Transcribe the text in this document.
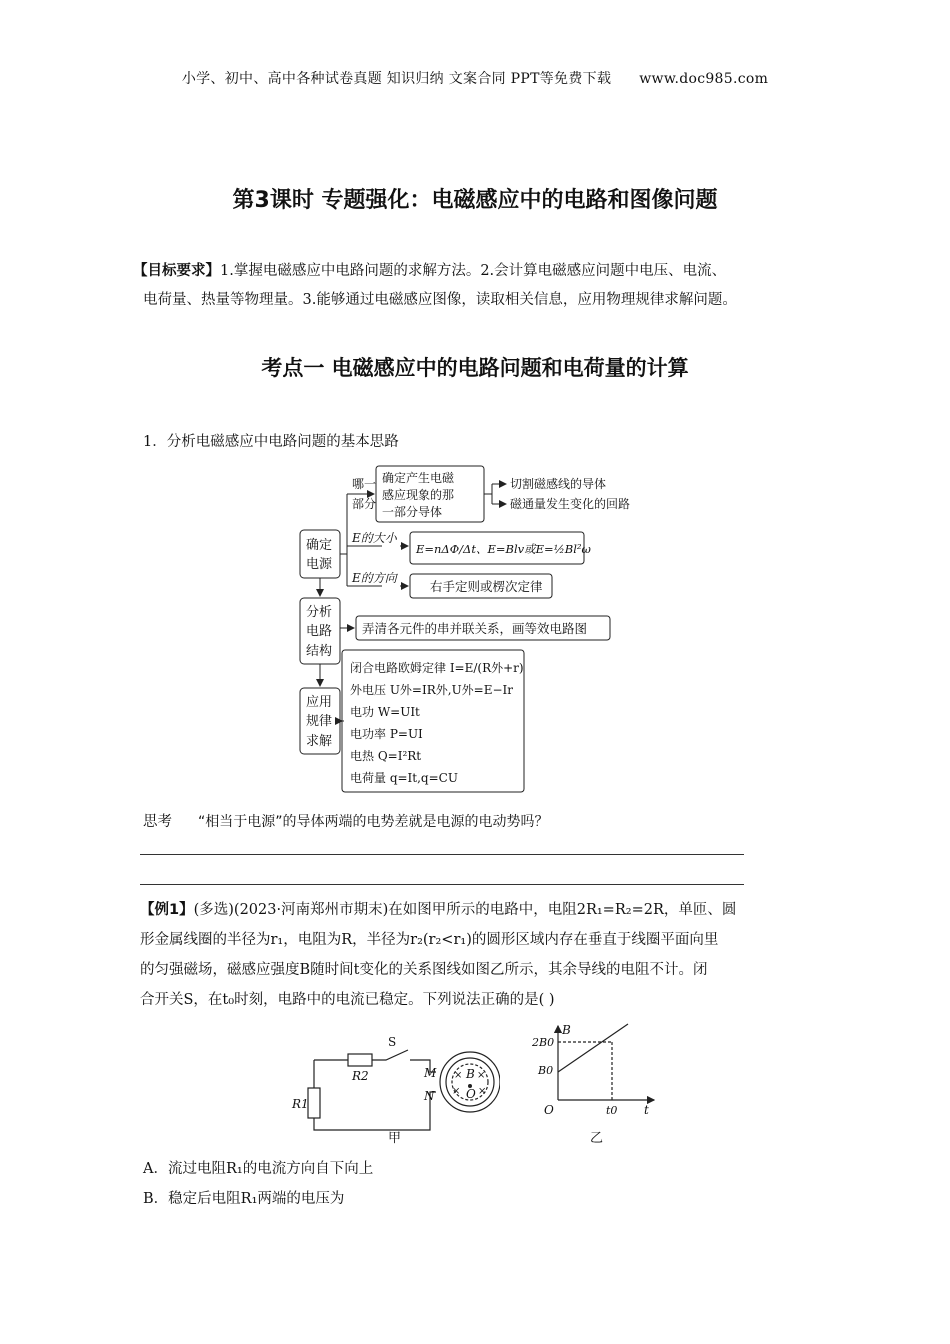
小学、初中、高中各种试卷真题 知识归纳 文案合同 PPT等免费下载 www.doc985.com
第3课时 专题强化：电磁感应中的电路和图像问题
【目标要求】1.掌握电磁感应中电路问题的求解方法。2.会计算电磁感应问题中电压、电流、
电荷量、热量等物理量。3.能够通过电磁感应图像，读取相关信息，应用物理规律求解问题。
考点一 电磁感应中的电路问题和电荷量的计算
1．分析电磁感应中电路问题的基本思路
确定
电源
分析
电路
结构
应用
规律
求解
哪一
部分
确定产生电磁
感应现象的那
一部分导体
切割磁感线的导体
磁通量发生变化的回路
E的大小
E=nΔΦ/Δt、E=Blv或E=½Bl²ω
E的方向
右手定则或楞次定律
弄清各元件的串并联关系，画等效电路图
闭合电路欧姆定律 I=E/(R外+r)
外电压 U外=IR外,U外=E−Ir
电功 W=UIt
电功率 P=UI
电热 Q=I²Rt
电荷量 q=It,q=CU
思考 “相当于电源”的导体两端的电势差就是电源的电动势吗？
【例1】(多选)(2023·河南郑州市期末)在如图甲所示的电路中，电阻2R₁=R₂=2R，单匝、圆
形金属线圈的半径为r₁，电阻为R，半径为r₂(r₂<r₁)的圆形区域内存在垂直于线圈平面向里
的匀强磁场，磁感应强度B随时间t变化的关系图线如图乙所示，其余导线的电阻不计。闭
合开关S，在t₀时刻，电路中的电流已稳定。下列说法正确的是( )
S
R2
R1
M
N
B
O
× ×
× ×
甲
B
t
O
2B0
B0
t0
乙
A．流过电阻R₁的电流方向自下向上
B．稳定后电阻R₁两端的电压为
